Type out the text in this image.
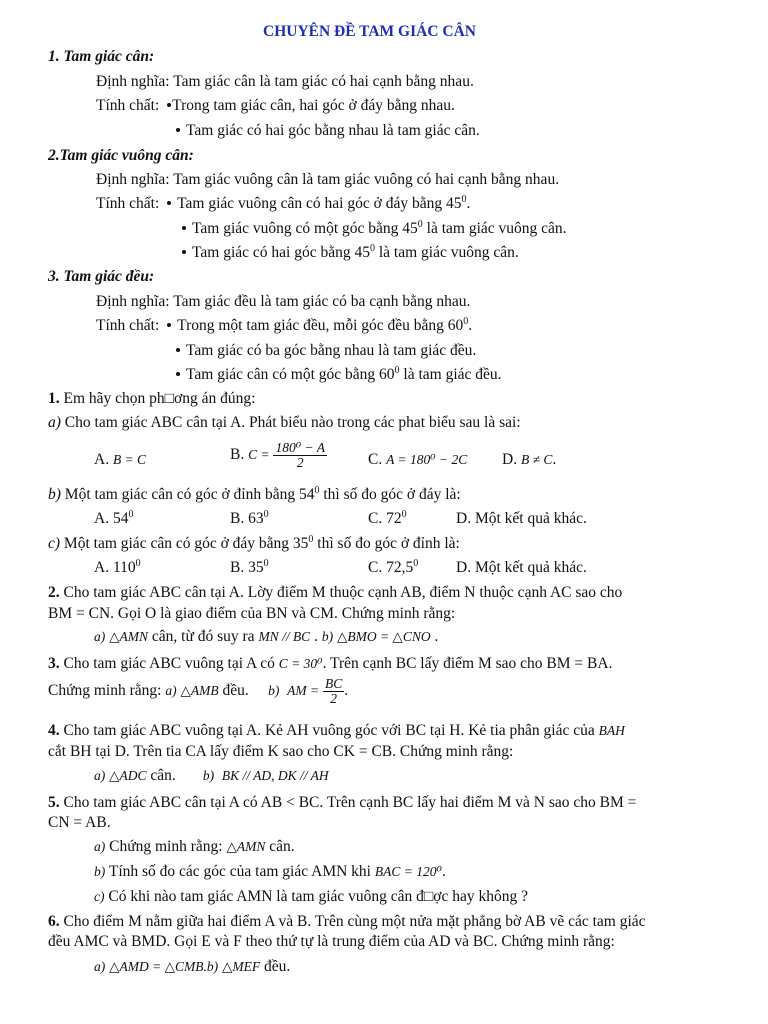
CHUYÊN ĐỀ TAM GIÁC CÂN
1. Tam giác cân:
Định nghĩa: Tam giác cân là tam giác có hai cạnh bằng nhau.
Tính chất: Trong tam giác cân, hai góc ở đáy bằng nhau.
Tam giác có hai góc bằng nhau là tam giác cân.
2.Tam giác vuông cân:
Định nghĩa: Tam giác vuông cân là tam giác vuông có hai cạnh bằng nhau.
Tính chất: Tam giác vuông cân có hai góc ở đáy bằng $45^0$.
Tam giác vuông có một góc bằng $45^0$ là tam giác vuông cân.
Tam giác có hai góc bằng $45^0$ là tam giác vuông cân.
3. Tam giác đều:
Định nghĩa: Tam giác đều là tam giác có ba cạnh bằng nhau.
Tính chất: Trong một tam giác đều, mỗi góc đều bằng $60^0$.
Tam giác có ba góc bằng nhau là tam giác đều.
Tam giác cân có một góc bằng $60^0$ là tam giác đều.
1. Em hãy chọn ph□ơng án đúng:
a) Cho tam giác ABC cân tại A. Phát biểu nào trong các phat biểu sau là sai:
A. B = C	B. $C = \frac{\text{180⁰ − A}}{2}$	C. A = 180⁰ − 2C D. B ≠ C.
b) Một tam giác cân có góc ở đỉnh bằng $54^0$ thì số đo góc ở đáy là:
A. $54^0$	B. $63^0$	C. $72^0$	D. Một kết quả khác.
c) Một tam giác cân có góc ở đáy bằng $35^0$ thì số đo góc ở đỉnh là:
A. $110^0$	B. $35^0$	C. 72,5$^0$ D. Một kết quả khác.
2. Cho tam giác ABC cân tại A. Lờy điểm M thuộc cạnh AB, điểm N thuộc cạnh AC sao cho
BM = CN. Gọi O là giao điểm của BN và CM. Chứng minh rằng:
a) △AMN cân, từ đó suy ra MN // BC . b) △BMO = △CNO .
3. Cho tam giác ABC vuông tại A có C = 30⁰. Trên cạnh BC lấy điểm M sao cho BM = BA.
Chứng minh rằng: a) △AMB đều. b) AM = $\frac{BC}{2}$ .
4. Cho tam giác ABC vuông tại A. Kẻ AH vuông góc với BC tại H. Kẻ tia phân giác của BAH
cắt BH tại D. Trên tia CA lấy điểm K sao cho CK = CB. Chứng minh rằng:
a) △ADC cân. b) BK // AD, DK // AH
5. Cho tam giác ABC cân tại A có AB < BC. Trên cạnh BC lấy hai điểm M và N sao cho BM =
CN = AB.
a) Chứng minh rằng: △AMN cân.
b) Tính số đo các góc của tam giác AMN khi BAC = 120⁰.
c) Có khi nào tam giác AMN là tam giác vuông cân đ□ợc hay không ?
6. Cho điểm M nằm giữa hai điểm A và B. Trên cùng một nửa mặt phẳng bờ AB vẽ các tam giác
đều AMC và BMD. Gọi E và F theo thứ tự là trung điểm của AD và BC. Chứng minh rằng:
a) △AMD = △CMB.b) △MEF đều.
